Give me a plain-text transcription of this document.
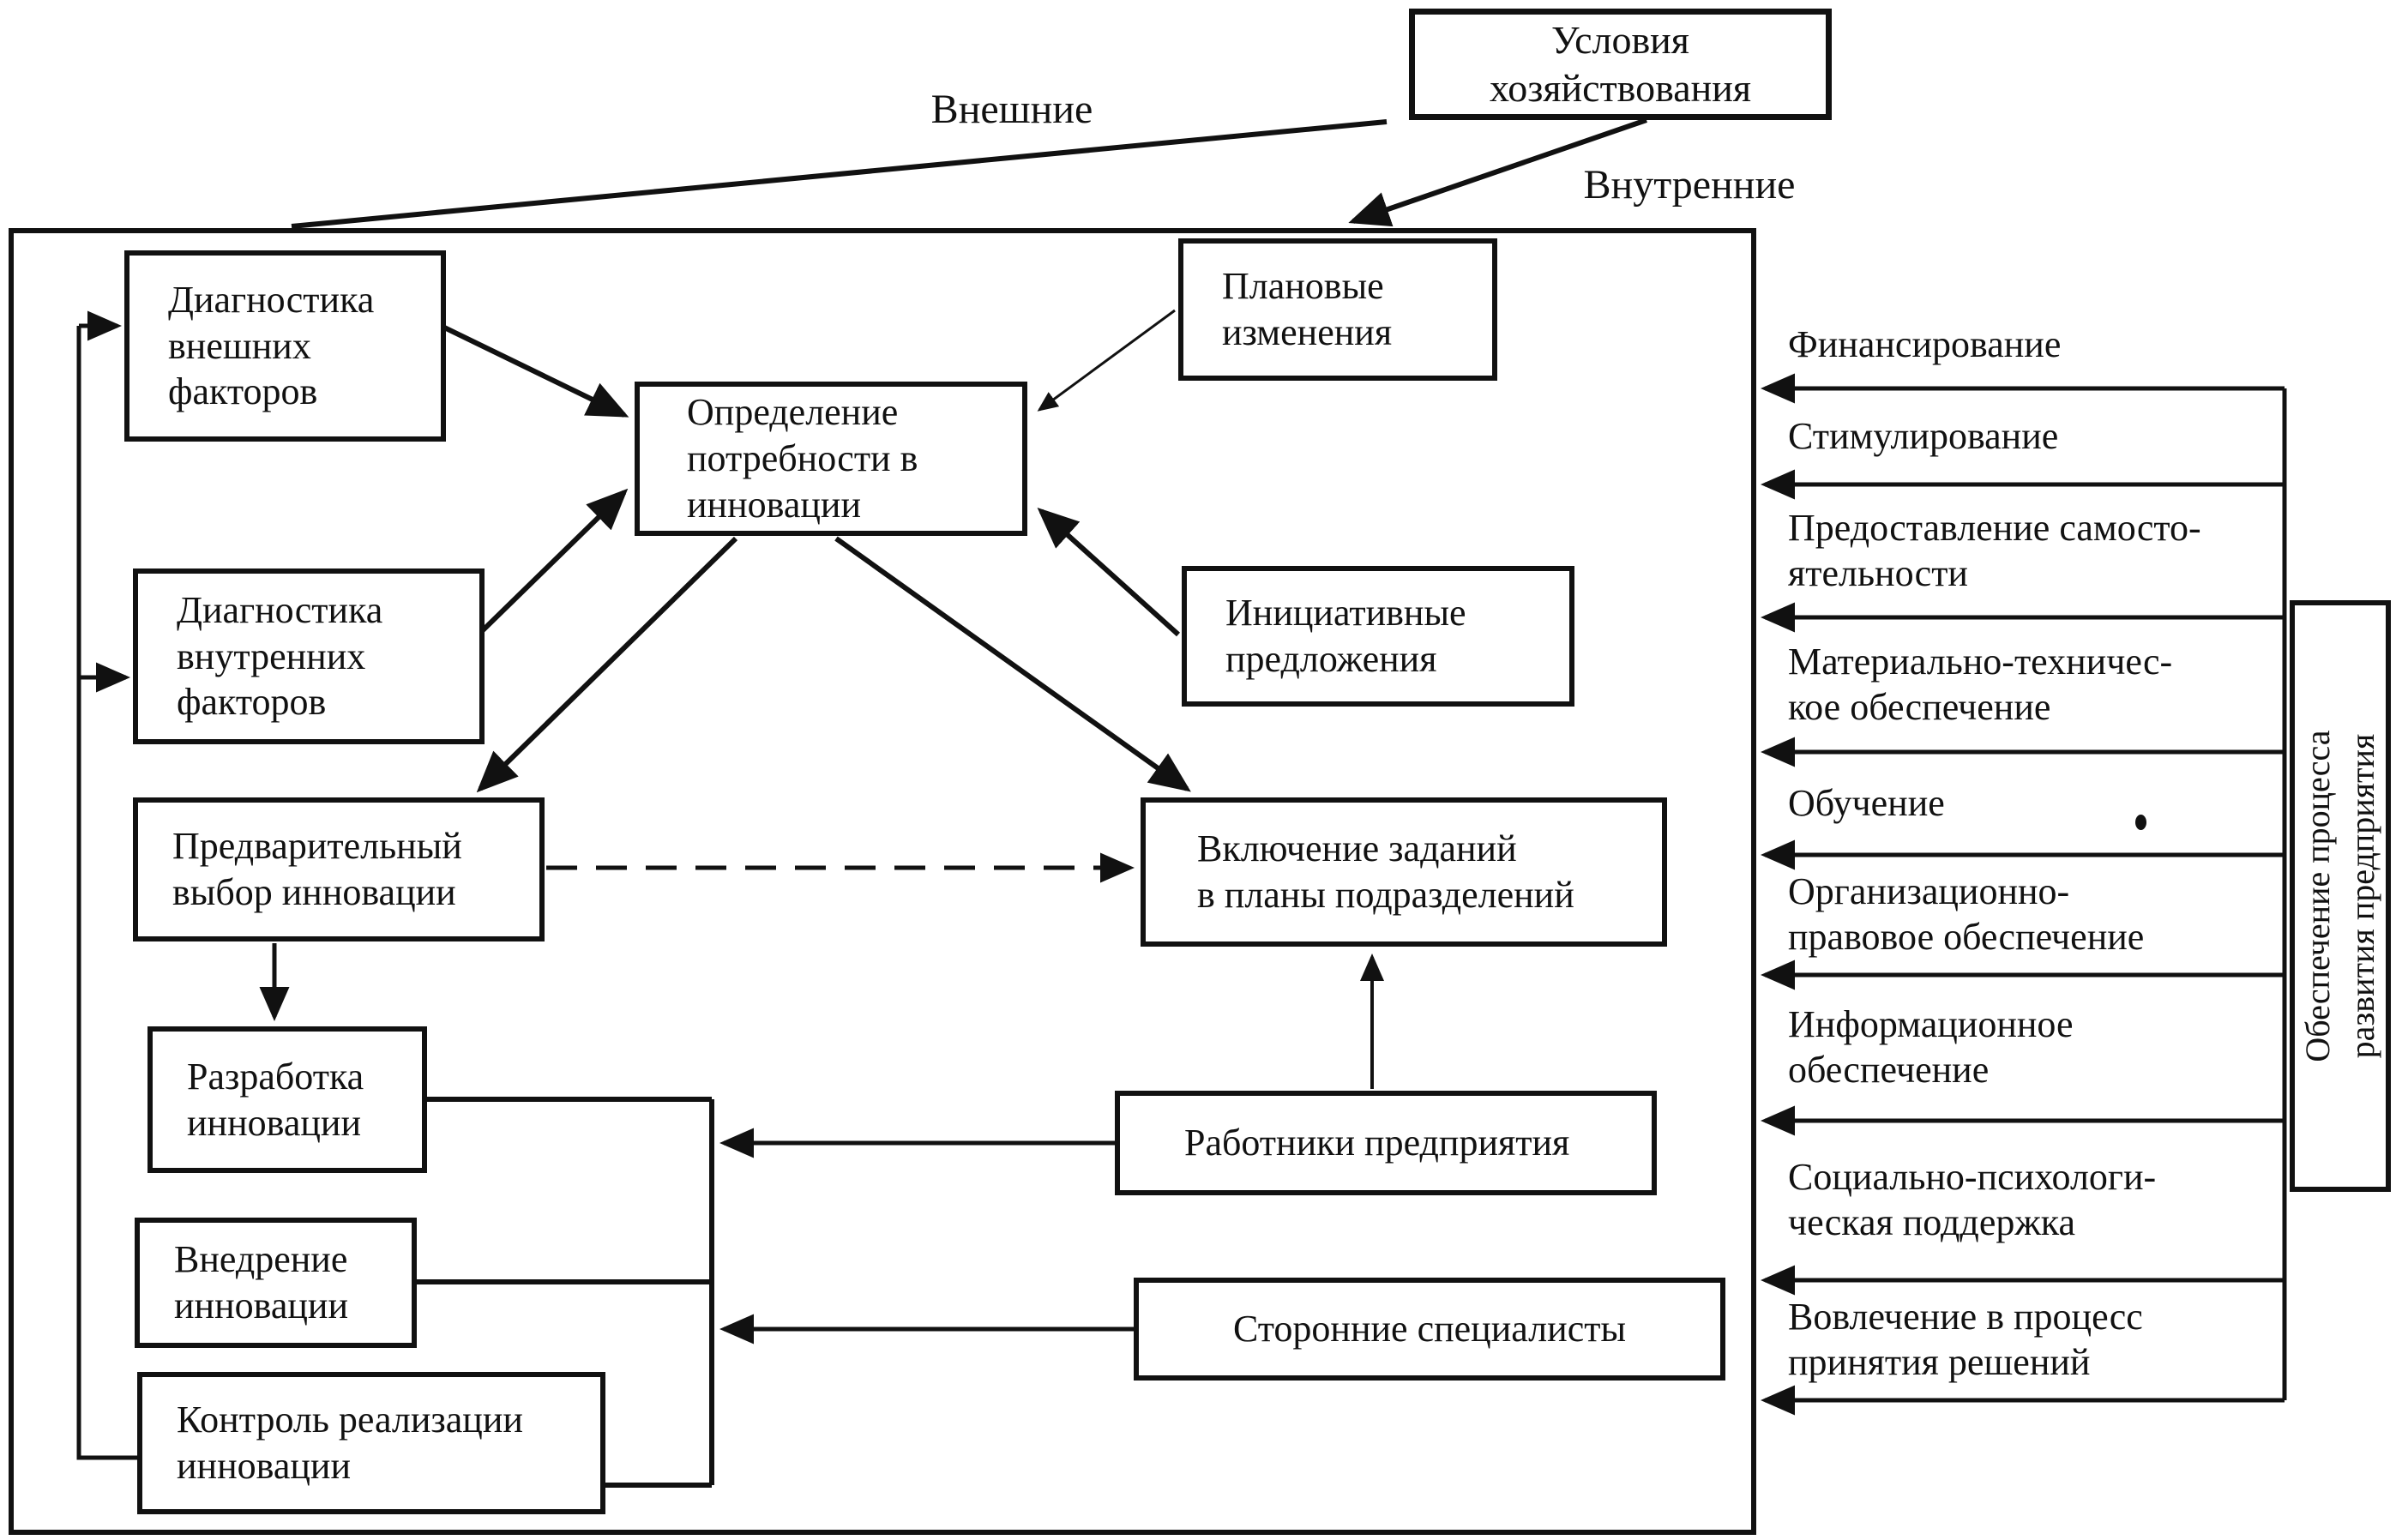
Условия
хозяйствования
Внешние
Внутренние
Диагностика
внешних
факторов
Плановые
изменения
Определение
потребности в
инновации
Диагностика
внутренних
факторов
Инициативные
предложения
Предварительный
выбор инновации
Включение заданий
в планы подразделений
Разработка
инновации
Внедрение
инновации
Контроль реализации
инновации
Работники предприятия
Сторонние специалисты
Финансирование
Стимулирование
Предоставление самосто-
ятельности
Материально-техничес-
кое обеспечение
Обучение
Организационно-
правовое обеспечение
Информационное
обеспечение
Социально-психологи-
ческая поддержка
Вовлечение в процесс
принятия решений
Обеспечение процесса развития предприятия
